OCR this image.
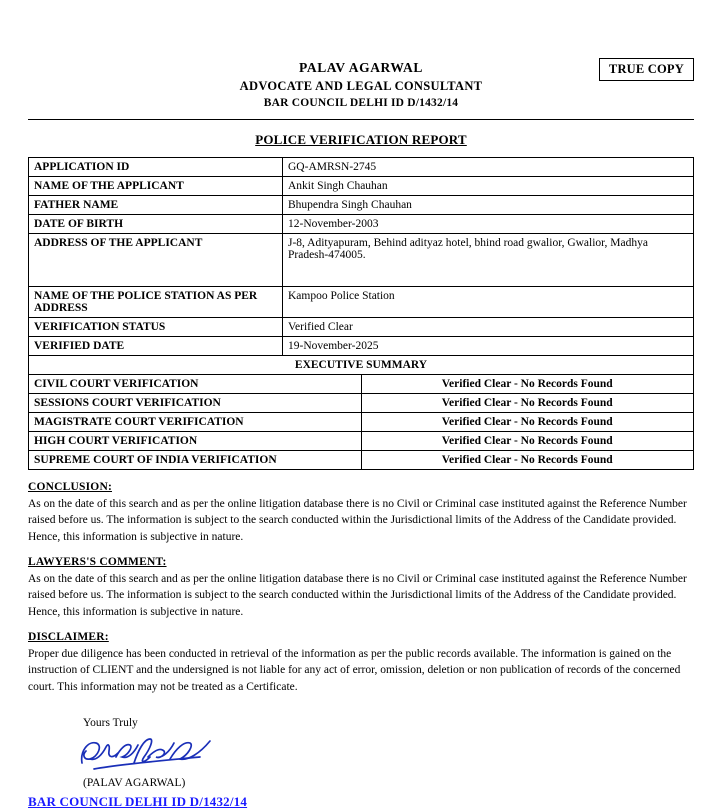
TRUE COPY
PALAV AGARWAL
ADVOCATE AND LEGAL CONSULTANT
BAR COUNCIL DELHI ID D/1432/14
POLICE VERIFICATION REPORT
APPLICATION ID	GQ-AMRSN-2745
NAME OF THE APPLICANT	Ankit Singh Chauhan
FATHER NAME	Bhupendra Singh Chauhan
DATE OF BIRTH	12-November-2003
ADDRESS OF THE APPLICANT	J-8, Adityapuram, Behind adityaz hotel, bhind road gwalior, Gwalior, Madhya Pradesh-474005.
NAME OF THE POLICE STATION AS PER ADDRESS	Kampoo Police Station
VERIFICATION STATUS	Verified Clear
VERIFIED DATE	19-November-2025
EXECUTIVE SUMMARY	
CIVIL COURT VERIFICATION	Verified Clear - No Records Found
SESSIONS COURT VERIFICATION	Verified Clear - No Records Found
MAGISTRATE COURT VERIFICATION	Verified Clear - No Records Found
HIGH COURT VERIFICATION	Verified Clear - No Records Found
SUPREME COURT OF INDIA VERIFICATION	Verified Clear - No Records Found
CONCLUSION:
As on the date of this search and as per the online litigation database there is no Civil or Criminal case instituted against the Reference Number raised before us. The information is subject to the search conducted within the Jurisdictional limits of the Address of the Candidate provided. Hence, this information is subjective in nature.
LAWYERS'S COMMENT:
As on the date of this search and as per the online litigation database there is no Civil or Criminal case instituted against the Reference Number raised before us. The information is subject to the search conducted within the Jurisdictional limits of the Address of the Candidate provided. Hence, this information is subjective in nature.
DISCLAIMER:
Proper due diligence has been conducted in retrieval of the information as per the public records available. The information is gained on the instruction of CLIENT and the undersigned is not liable for any act of error, omission, deletion or non publication of records of the concerned court. This information may not be treated as a Certificate.
Yours Truly
(PALAV AGARWAL)
BAR COUNCIL DELHI ID D/1432/14
